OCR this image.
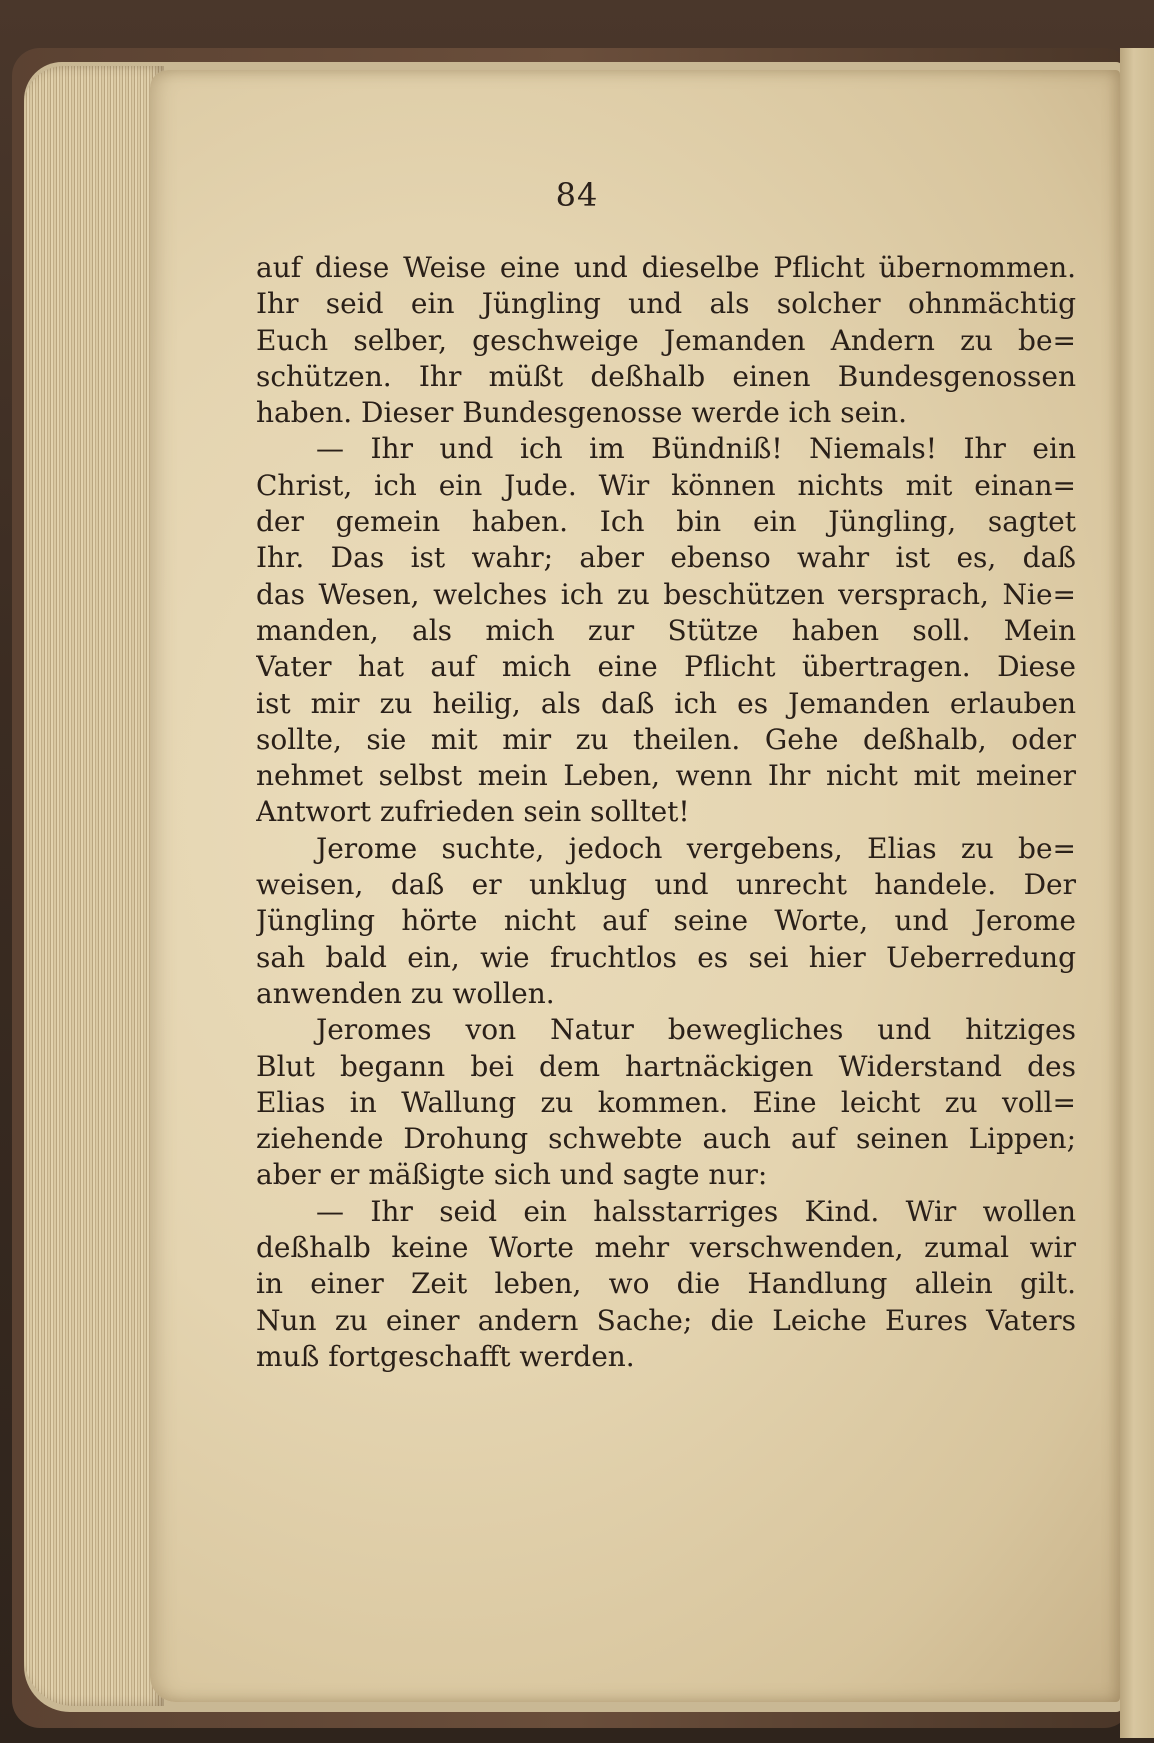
84
auf diese Weise eine und dieselbe Pflicht übernommen.
Ihr seid ein Jüngling und als solcher ohnmächtig
Euch selber, geschweige Jemanden Andern zu be=
schützen. Ihr müßt deßhalb einen Bundesgenossen
haben. Dieser Bundesgenosse werde ich sein.
— Ihr und ich im Bündniß! Niemals! Ihr ein
Christ, ich ein Jude. Wir können nichts mit einan=
der gemein haben. Ich bin ein Jüngling, sagtet
Ihr. Das ist wahr; aber ebenso wahr ist es, daß
das Wesen, welches ich zu beschützen versprach, Nie=
manden, als mich zur Stütze haben soll. Mein
Vater hat auf mich eine Pflicht übertragen. Diese
ist mir zu heilig, als daß ich es Jemanden erlauben
sollte, sie mit mir zu theilen. Gehe deßhalb, oder
nehmet selbst mein Leben, wenn Ihr nicht mit meiner
Antwort zufrieden sein solltet!
Jerome suchte, jedoch vergebens, Elias zu be=
weisen, daß er unklug und unrecht handele. Der
Jüngling hörte nicht auf seine Worte, und Jerome
sah bald ein, wie fruchtlos es sei hier Ueberredung
anwenden zu wollen.
Jeromes von Natur bewegliches und hitziges
Blut begann bei dem hartnäckigen Widerstand des
Elias in Wallung zu kommen. Eine leicht zu voll=
ziehende Drohung schwebte auch auf seinen Lippen;
aber er mäßigte sich und sagte nur:
— Ihr seid ein halsstarriges Kind. Wir wollen
deßhalb keine Worte mehr verschwenden, zumal wir
in einer Zeit leben, wo die Handlung allein gilt.
Nun zu einer andern Sache; die Leiche Eures Vaters
muß fortgeschafft werden.
